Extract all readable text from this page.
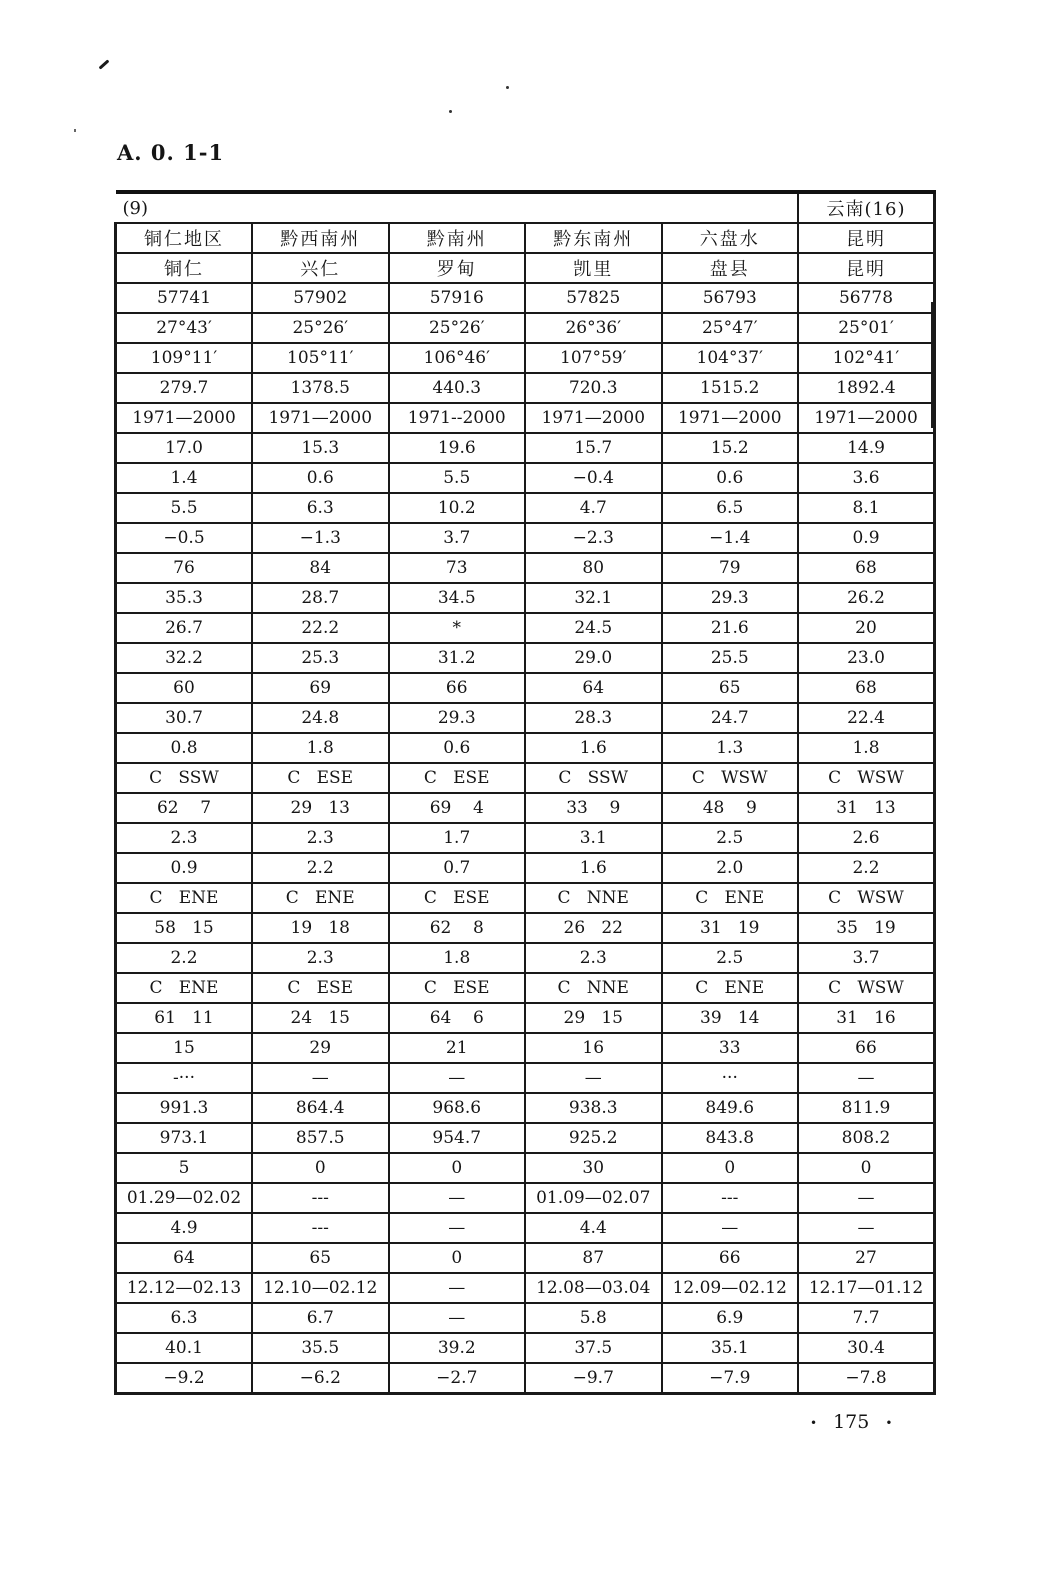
A. 0. 1-1
(9)					云南(16)
铜仁地区	黔西南州	黔南州	黔东南州	六盘水	昆明
铜仁	兴仁	罗甸	凯里	盘县	昆明
57741	57902	57916	57825	56793	56778
27°43′	25°26′	25°26′	26°36′	25°47′	25°01′
109°11′	105°11′	106°46′	107°59′	104°37′	102°41′
279.7	1378.5	440.3	720.3	1515.2	1892.4
1971—2000	1971—2000	1971--2000	1971—2000	1971—2000	1971—2000
17.0	15.3	19.6	15.7	15.2	14.9
1.4	0.6	5.5	−0.4	0.6	3.6
5.5	6.3	10.2	4.7	6.5	8.1
−0.5	−1.3	3.7	−2.3	−1.4	0.9
76	84	73	80	79	68
35.3	28.7	34.5	32.1	29.3	26.2
26.7	22.2	*	24.5	21.6	20
32.2	25.3	31.2	29.0	25.5	23.0
60	69	66	64	65	68
30.7	24.8	29.3	28.3	24.7	22.4
0.8	1.8	0.6	1.6	1.3	1.8
C   SSW	C   ESE	C   ESE	C   SSW	C   WSW	C   WSW
62    7	29   13	69    4	33    9	48    9	31   13
2.3	2.3	1.7	3.1	2.5	2.6
0.9	2.2	0.7	1.6	2.0	2.2
C   ENE	C   ENE	C   ESE	C   NNE	C   ENE	C   WSW
58   15	19   18	62    8	26   22	31   19	35   19
2.2	2.3	1.8	2.3	2.5	3.7
C   ENE	C   ESE	C   ESE	C   NNE	C   ENE	C   WSW
61   11	24   15	64    6	29   15	39   14	31   16
15	29	21	16	33	66
-···	—	—	—	···	—
991.3	864.4	968.6	938.3	849.6	811.9
973.1	857.5	954.7	925.2	843.8	808.2
5	0	0	30	0	0
01.29—02.02	---	—	01.09—02.07	---	—
4.9	---	—	4.4	—	—
64	65	0	87	66	27
12.12—02.13	12.10—02.12	—	12.08—03.04	12.09—02.12	12.17—01.12
6.3	6.7	—	5.8	6.9	7.7
40.1	35.5	39.2	37.5	35.1	30.4
−9.2	−6.2	−2.7	−9.7	−7.9	−7.8
• 175 •
